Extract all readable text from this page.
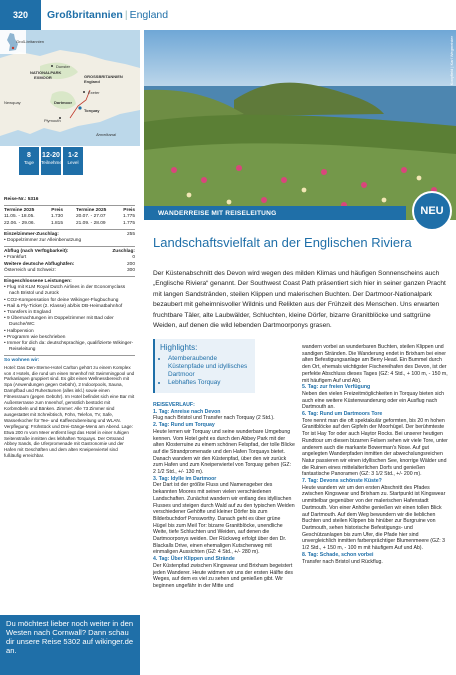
320	Großbritannien | England
Groß-britannien
Dunster
NATIONALPARK
EXMOOR	GROSSBRITANNIEN England
Exeter
Dartmoor
Torquay
Plymouth
Ärmelkanal
Newquay
8
Tage
12-20
Teilnehmer
1-2
Level
Reise-Nr.: 5316
Termine 2025	Preis	Termine 2025	Preis
11.05. - 18.05.	1.730	20.07. - 27.07	1.775
22.06. - 29.06.	1.815	21.09. - 28.09	1.775
Einzelzimmer-Zuschlag:	255
• Doppelzimmer zur Alleinbenutzung
Abflug (nach Verfügbarkeit):	Zuschlag:
• Frankfurt	0
Weitere deutsche Abflughäfen:	200
Österreich und Schweiz:	300
Eingeschlossene Leistungen:
• Flug mit KLM Royal Dutch Airlines in der Economyclass nach Bristol und zurück
• CO2-Kompensation für deine Wikinger-Flugbuchung
• Rail & Fly-Ticket (2. Klasse) ab/bis DB-Heimatbahnhof
• Transfers in England
• 9 Übernachtungen im Doppelzimmer mit Bad oder Dusche/WC
• Halbpension
• Programm wie beschrieben
• Immer für dich da: deutschsprachige, qualifizierte Wikinger-Reiseleitung
So wohnen wir:
Hotel: Das Den-Sterne-Hotel Carlton gehört zu einem Komplex von 4 Hotels, die rund um einen Innenhof mit Swimmingpool und Parkanlagen gruppiert sind. Es gibt einen Wellnessbereich mit Spa (Anwendungen gegen Gebühr), 2 Indoorpools, Sauna, Dampfbad und Ruheräumen (alles inkl.) sowie einen Fitnessraum (gegen Gebühr). Im Hotel befindet sich eine Bar mit Außenterrasse zum Innenhof, gemütlich bestückt mit Korbmöbeln und Bänken. Zimmer: Alle 73 Zimmer sind ausgestattet mit Schreibtisch, Föhn, Telefon, TV, Safe, Wasserkocher für Tee- und Kaffeezubereitung und WLAN. Verpflegung: Frühstück und Drei-Gänge-Menü am Abend. Lage: Etwa 200 m vom Meer entfernt liegt das Hotel in einer ruhigen Seitenstraße inmitten des lebhaften Torquays. Der Ortsrand Abbey Sands, die Uferpromenade mit Gastronomie und der Hafen mit Geschäften und dem alten Kneipenviertel sind fußläufig erreichbar.
Du möchtest lieber noch weiter in den Westen nach Cornwall? Dann schau dir unsere Reise 5302 auf wikinger.de an.
Kooyfield | Karl Wegmeister
WANDERREISE MIT REISELEITUNG	NEU
Landschaftsvielfalt an der Englischen Riviera
Der Küstenabschnitt des Devon wird wegen des milden Klimas und häufigen Sonnenscheins auch „Englische Riviera“ genannt. Der Southwest Coast Path präsentiert sich hier in seiner ganzen Pracht mit langen Sandstränden, steilen Klippen und malerischen Buchten. Der Dartmoor-Nationalpark bezaubert mit geheimnisvoller Wildnis und Relikten aus der Frühzeit des Menschen. Uns erwarten fruchtbare Täler, alte Laubwälder, Schluchten, kleine Dörfer, bizarre Granitblöcke und sattgrüne Weiden, auf denen die wild lebenden Dartmoorponys grasen.
Highlights:
• Atemberaubende Küstenpfade und idyllisches Dartmoor
• Lebhaftes Torquay

REISEVERLAUF:

1. Tag: Anreise nach Devon

Flug nach Bristol und Transfer nach Torquay (2 Std.).

2. Tag: Rund um Torquay

Heute lernen wir Torquay und seine wunderbare Umgebung kennen. Vom Hotel geht es durch den Abbey Park mit der alten Klosterruine zu einem schönen Felspfad, der tolle Blicke auf die Strandpromenade und den Hafen Torquays bietet. Danach wandern wir den Küstenpfad, über den wir zurück zum Hafen und zum Kneipenviertel von Torquay gehen (GZ: 2 1/2 Std., +/- 130 m).

3. Tag: Idylle im Dartmoor

Der Dart ist der größte Fluss und Namensgeber des bekannten Moores mit seinen vielen verschiedenen Landschaften. Zunächst wandern wir entlang des idyllischen Flusses und steigen durch Wald auf zu den typischen Weiden verschiedener Gehöfte und kleiner Dörfer bis zum Bilderbuchdorf Ponsworthy. Danach geht es über grüne Hügel bis zum Meil Tor: bizarre Granitblöcke, unendliche Weite, tiefe Schluchten und Weiden, auf denen die Dartmoorponys weiden. Der Rückweg erfolgt über den Dr. Blackalls Drive, einen ehemaligen Kutschenweg mit einmaligen Aussichten (GZ: 4 Std., +/- 280 m).

4. Tag: Über Klippen und Strände

Der Küstenpfad zwischen Kingswear und Brixham begeistert jeden Wanderer. Heute widmen wir uns der ersten Hälfte des Weges, auf dem es viel zu sehen und genießen gibt. Wir beginnen ungefähr in der Mitte und

wandern vorbei an wunderbaren Buchten, steilen Klippen und sandigen Stränden. Die Wanderung endet in Brixham bei einer alten Befestigungsanlage am Berry Head. Ein Bummel durch den Ort, ehemals wichtigster Fischereihafen des Devon, ist der perfekte Abschluss dieses Tages (GZ: 4 Std., + 100 m, - 150 m, mit häufigem Auf und Ab).

5. Tag: zur freien Verfügung

Neben den vielen Freizeitmöglichkeiten in Torquay bieten sich auch eine weitere Küstenwanderung oder ein Ausflug nach Dartmouth an.

6. Tag: Rund um Dartmoors Tore

Tore nennt man die oft spektakulär geformten, bis 20 m hohen Granitblöcke auf den Gipfeln der Moorhügel. Der berühmteste Tor ist Hay Tor oder auch Haytor Rocks. Bei unserer heutigen Rundtour um diesen bizarren Felsen sehen wir viele Tore, unter anderem auch die markante Bowerman's Nose. Auf gut angelegten Wanderpfaden inmitten der abwechslungsreichen Natur passieren wir einen idyllischen See, knorrige Wälder und die Ruinen eines mittelalterlichen Dorfs und genießen fantastische Panoramen (GZ: 3 1/2 Std., +/- 200 m).

7. Tag: Devons schönste Küste?

Heute wandern wir um den ersten Abschnitt des Pfades zwischen Kingswear und Brixham zu. Startpunkt ist Kingswear unmittelbar gegenüber von der malerischen Hafenstadt Dartmouth. Von einer Anhöhe genießen wir einen tollen Blick auf Dartmouth. Auf dem Weg bewundern wir die lieblichen Buchten und steilen Klippen bis hinüber zur Burgruine von Dartmouth, sehen historische Befestigungs- und Geschützanlagen bis zum Ufer, die Pfade hier sind unvergleichlich inmitten farbenprächtiger Blumenmeere (GZ: 3 1/2 Std., + 150 m, - 100 m mit häufigem Auf und Ab).

8. Tag: Schade, schon vorbei

Transfer nach Bristol und Rückflug.
